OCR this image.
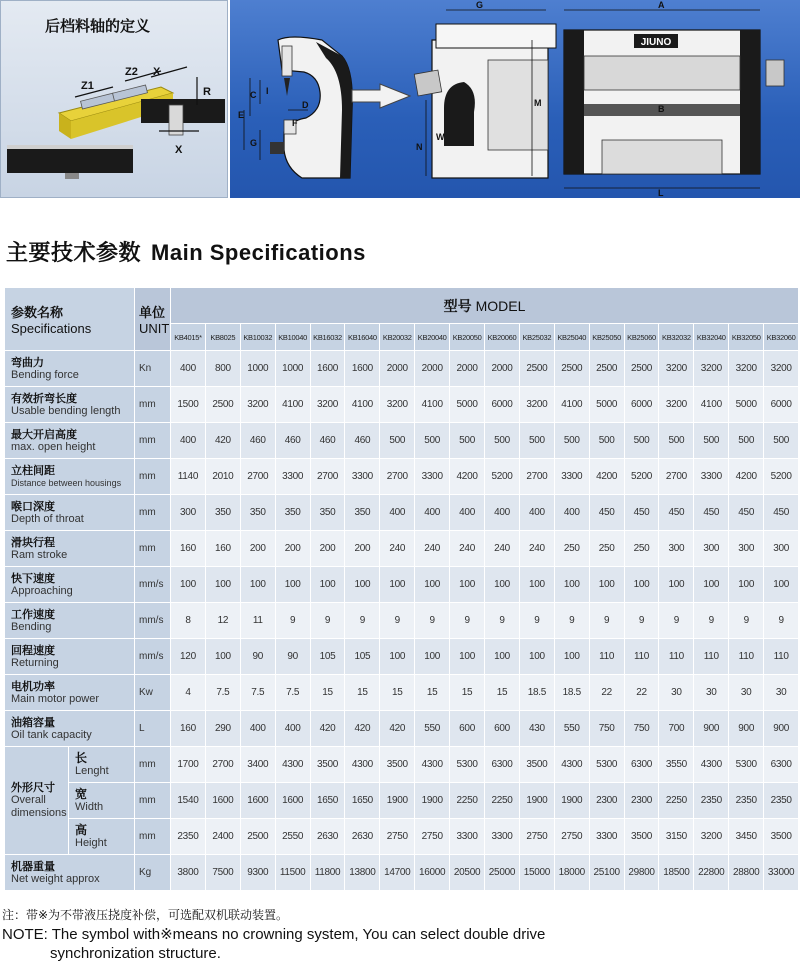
后档料轴的定义
Z1
Z2 X
R
X
C I
E
D
F
G
G
M
N
W
JIUNO
A
B
L
主要技术参数 Main Specifications
参数名称
Specifications		单位
UNIT	型号 MODEL																	
			KB4015*	KB8025	KB10032	KB10040	KB16032	KB16040	KB20032	KB20040	KB20050	KB20060	KB25032	KB25040	KB25050	KB25060	KB32032	KB32040	KB32050	KB32060

弯曲力
Bending force		Kn	400	800	1000	1000	1600	1600	2000	2000	2000	2000	2500	2500	2500	2500	3200	3200	3200	3200

有效折弯长度
Usable bending length		mm	1500	2500	3200	4100	3200	4100	3200	4100	5000	6000	3200	4100	5000	6000	3200	4100	5000	6000

最大开启高度
max. open height		mm	400	420	460	460	460	460	500	500	500	500	500	500	500	500	500	500	500	500

立柱间距
Distance between housings		mm	1140	2010	2700	3300	2700	3300	2700	3300	4200	5200	2700	3300	4200	5200	2700	3300	4200	5200

喉口深度
Depth of throat		mm	300	350	350	350	350	350	400	400	400	400	400	400	450	450	450	450	450	450

滑块行程
Ram stroke		mm	160	160	200	200	200	200	240	240	240	240	240	250	250	250	300	300	300	300

快下速度
Approaching		mm/s	100	100	100	100	100	100	100	100	100	100	100	100	100	100	100	100	100	100

工作速度
Bending		mm/s	8	12	11	9	9	9	9	9	9	9	9	9	9	9	9	9	9	9

回程速度
Returning		mm/s	120	100	90	90	105	105	100	100	100	100	100	100	110	110	110	110	110	110

电机功率
Main motor power		Kw	4	7.5	7.5	7.5	15	15	15	15	15	15	18.5	18.5	22	22	30	30	30	30

油箱容量
Oil tank capacity		L	160	290	400	400	420	420	420	550	600	600	430	550	750	750	700	900	900	900

外形尺寸
Overall
dimensions	长
Lenght	mm	1700	2700	3400	4300	3500	4300	3500	4300	5300	6300	3500	4300	5300	6300	3550	4300	5300	6300

	宽
Width	mm	1540	1600	1600	1600	1650	1650	1900	1900	2250	2250	1900	1900	2300	2300	2250	2350	2350	2350

	高
Height	mm	2350	2400	2500	2550	2630	2630	2750	2750	3300	3300	2750	2750	3300	3500	3150	3200	3450	3500

机器重量
Net weight approx		Kg	3800	7500	9300	11500	11800	13800	14700	16000	20500	25000	15000	18000	25100	29800	18500	22800	28800	33000
注：带※为不带液压挠度补偿，可选配双机联动装置。
NOTE: The symbol with※means no crowning system, You can select double drive
synchronization structure.
